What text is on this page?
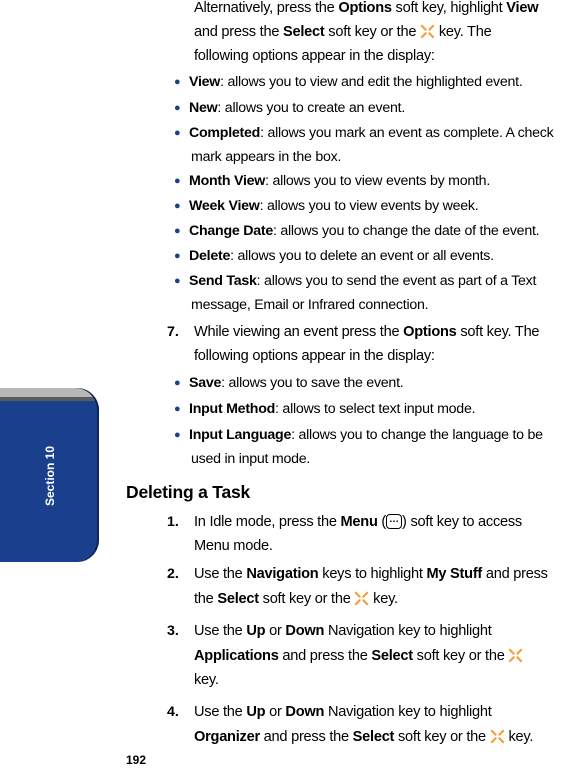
Section 10
Alternatively, press the Options soft key, highlight View
and press the Select soft key or the  key. The
following options appear in the display:
● View: allows you to view and edit the highlighted event.
● New: allows you to create an event.
● Completed: allows you mark an event as complete. A check
mark appears in the box.
● Month View: allows you to view events by month.
● Week View: allows you to view events by week.
● Change Date: allows you to change the date of the event.
● Delete: allows you to delete an event or all events.
● Send Task: allows you to send the event as part of a Text
message, Email or Infrared connection.
7. While viewing an event press the Options soft key. The
following options appear in the display:
● Save: allows you to save the event.
● Input Method: allows to select text input mode.
● Input Language: allows you to change the language to be
used in input mode.
Deleting a Task
1. In Idle mode, press the Menu (… ) soft key to access
Menu mode.
2. Use the Navigation keys to highlight My Stuff and press
the Select soft key or the  key.
3. Use the Up or Down Navigation key to highlight
Applications and press the Select soft key or the
key.
4. Use the Up or Down Navigation key to highlight
Organizer and press the Select soft key or the  key.
192
